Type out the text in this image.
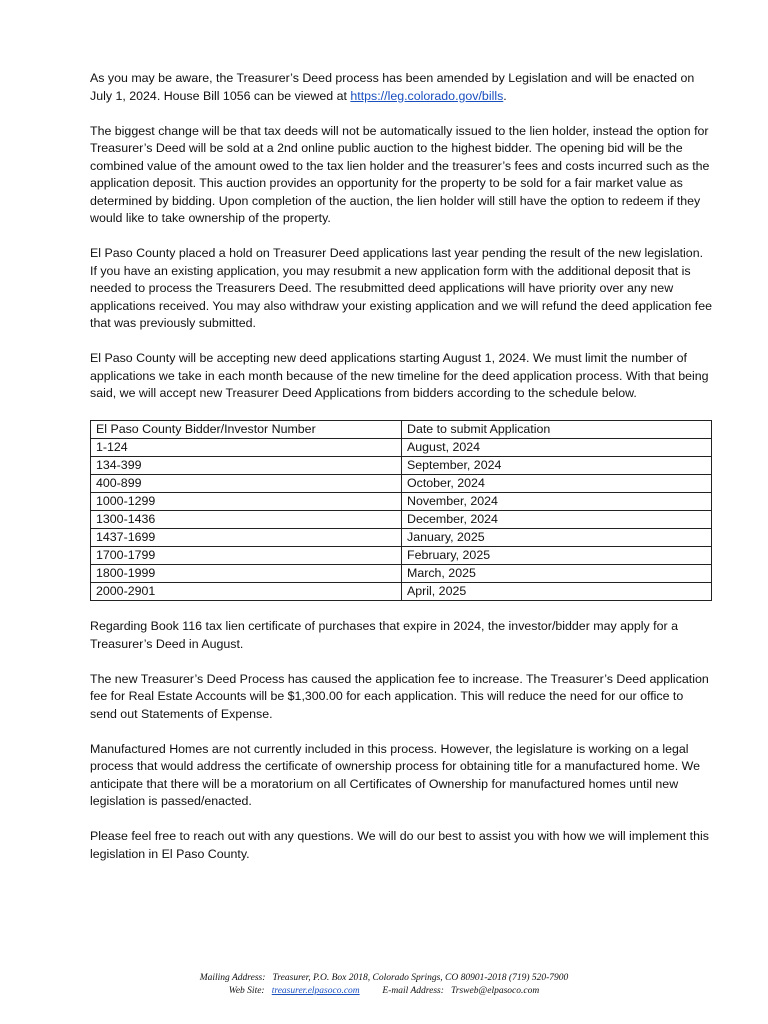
As you may be aware, the Treasurer’s Deed process has been amended by Legislation and will be enacted on July 1, 2024. House Bill 1056 can be viewed at https://leg.colorado.gov/bills.

The biggest change will be that tax deeds will not be automatically issued to the lien holder, instead the option for Treasurer’s Deed will be sold at a 2nd online public auction to the highest bidder. The opening bid will be the combined value of the amount owed to the tax lien holder and the treasurer’s fees and costs incurred such as the application deposit. This auction provides an opportunity for the property to be sold for a fair market value as determined by bidding. Upon completion of the auction, the lien holder will still have the option to redeem if they would like to take ownership of the property.

El Paso County placed a hold on Treasurer Deed applications last year pending the result of the new legislation. If you have an existing application, you may resubmit a new application form with the additional deposit that is needed to process the Treasurers Deed. The resubmitted deed applications will have priority over any new applications received. You may also withdraw your existing application and we will refund the deed application fee that was previously submitted.

El Paso County will be accepting new deed applications starting August 1, 2024. We must limit the number of applications we take in each month because of the new timeline for the deed application process. With that being said, we will accept new Treasurer Deed Applications from bidders according to the schedule below.

El Paso County Bidder/Investor Number	Date to submit Application
1-124	August, 2024
134-399	September, 2024
400-899	October, 2024
1000-1299	November, 2024
1300-1436	December, 2024
1437-1699	January, 2025
1700-1799	February, 2025
1800-1999	March, 2025
2000-2901	April, 2025

Regarding Book 116 tax lien certificate of purchases that expire in 2024, the investor/bidder may apply for a Treasurer’s Deed in August.

The new Treasurer’s Deed Process has caused the application fee to increase. The Treasurer’s Deed application fee for Real Estate Accounts will be $1,300.00 for each application. This will reduce the need for our office to send out Statements of Expense.

Manufactured Homes are not currently included in this process. However, the legislature is working on a legal process that would address the certificate of ownership process for obtaining title for a manufactured home. We anticipate that there will be a moratorium on all Certificates of Ownership for manufactured homes until new legislation is passed/enacted.

Please feel free to reach out with any questions. We will do our best to assist you with how we will implement this legislation in El Paso County.

Mailing Address: Treasurer, P.O. Box 2018, Colorado Springs, CO 80901-2018 (719) 520-7900
Web Site: treasurer.elpasoco.com E-mail Address: Trsweb@elpasoco.com
